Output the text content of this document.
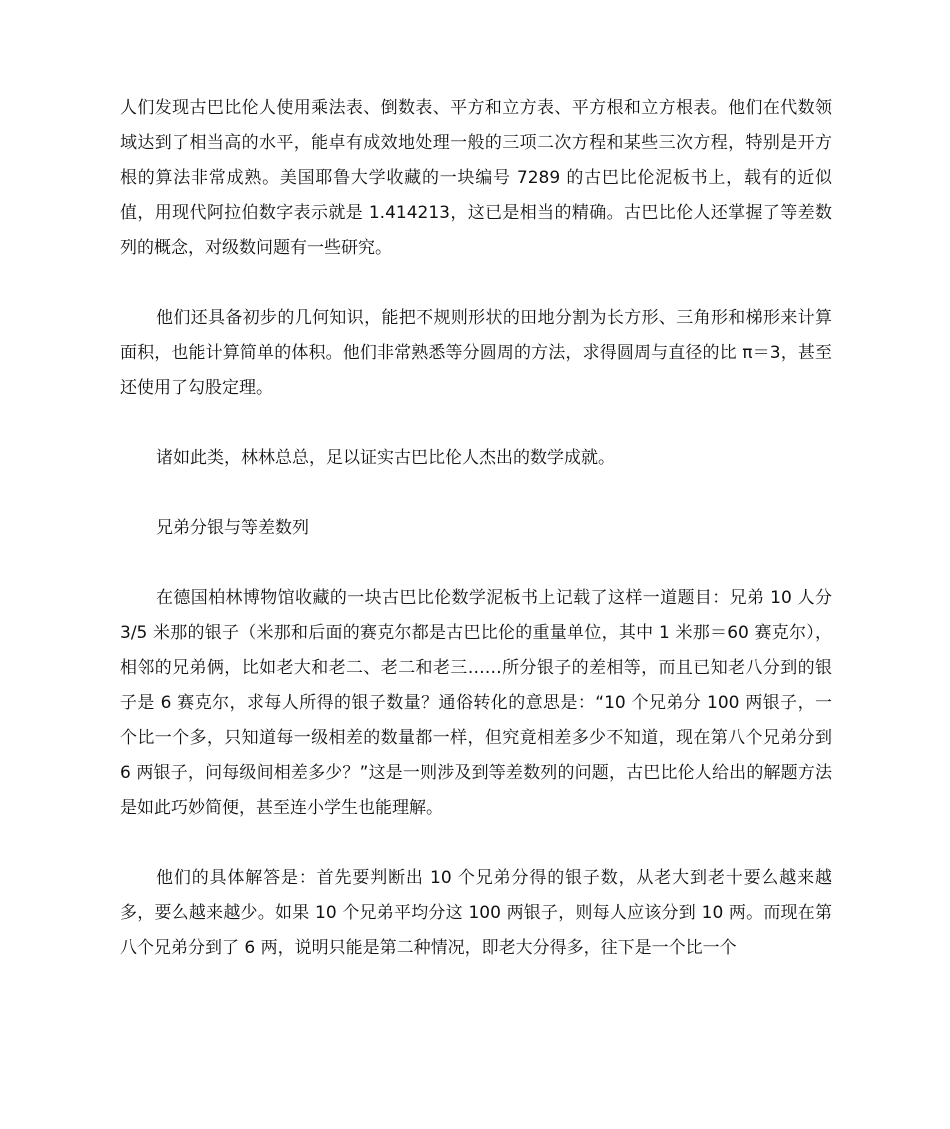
人们发现古巴比伦人使用乘法表、倒数表、平方和立方表、平方根和立方根表。他们在代数领域达到了相当高的水平，能卓有成效地处理一般的三项二次方程和某些三次方程，特别是开方根的算法非常成熟。美国耶鲁大学收藏的一块编号 7289 的古巴比伦泥板书上，载有的近似值，用现代阿拉伯数字表示就是 1.414213，这已是相当的精确。古巴比伦人还掌握了等差数列的概念，对级数问题有一些研究。

他们还具备初步的几何知识，能把不规则形状的田地分割为长方形、三角形和梯形来计算面积，也能计算简单的体积。他们非常熟悉等分圆周的方法，求得圆周与直径的比 π＝3，甚至还使用了勾股定理。

诸如此类，林林总总，足以证实古巴比伦人杰出的数学成就。

兄弟分银与等差数列

在德国柏林博物馆收藏的一块古巴比伦数学泥板书上记载了这样一道题目：兄弟 10 人分 3/5 米那的银子（米那和后面的赛克尔都是古巴比伦的重量单位，其中 1 米那＝60 赛克尔），相邻的兄弟俩，比如老大和老二、老二和老三……所分银子的差相等，而且已知老八分到的银子是 6 赛克尔，求每人所得的银子数量？通俗转化的意思是：“10 个兄弟分 100 两银子，一个比一个多，只知道每一级相差的数量都一样，但究竟相差多少不知道，现在第八个兄弟分到 6 两银子，问每级间相差多少？”这是一则涉及到等差数列的问题，古巴比伦人给出的解题方法是如此巧妙简便，甚至连小学生也能理解。

他们的具体解答是：首先要判断出 10 个兄弟分得的银子数，从老大到老十要么越来越多，要么越来越少。如果 10 个兄弟平均分这 100 两银子，则每人应该分到 10 两。而现在第八个兄弟分到了 6 两，说明只能是第二种情况，即老大分得多，往下是一个比一个
